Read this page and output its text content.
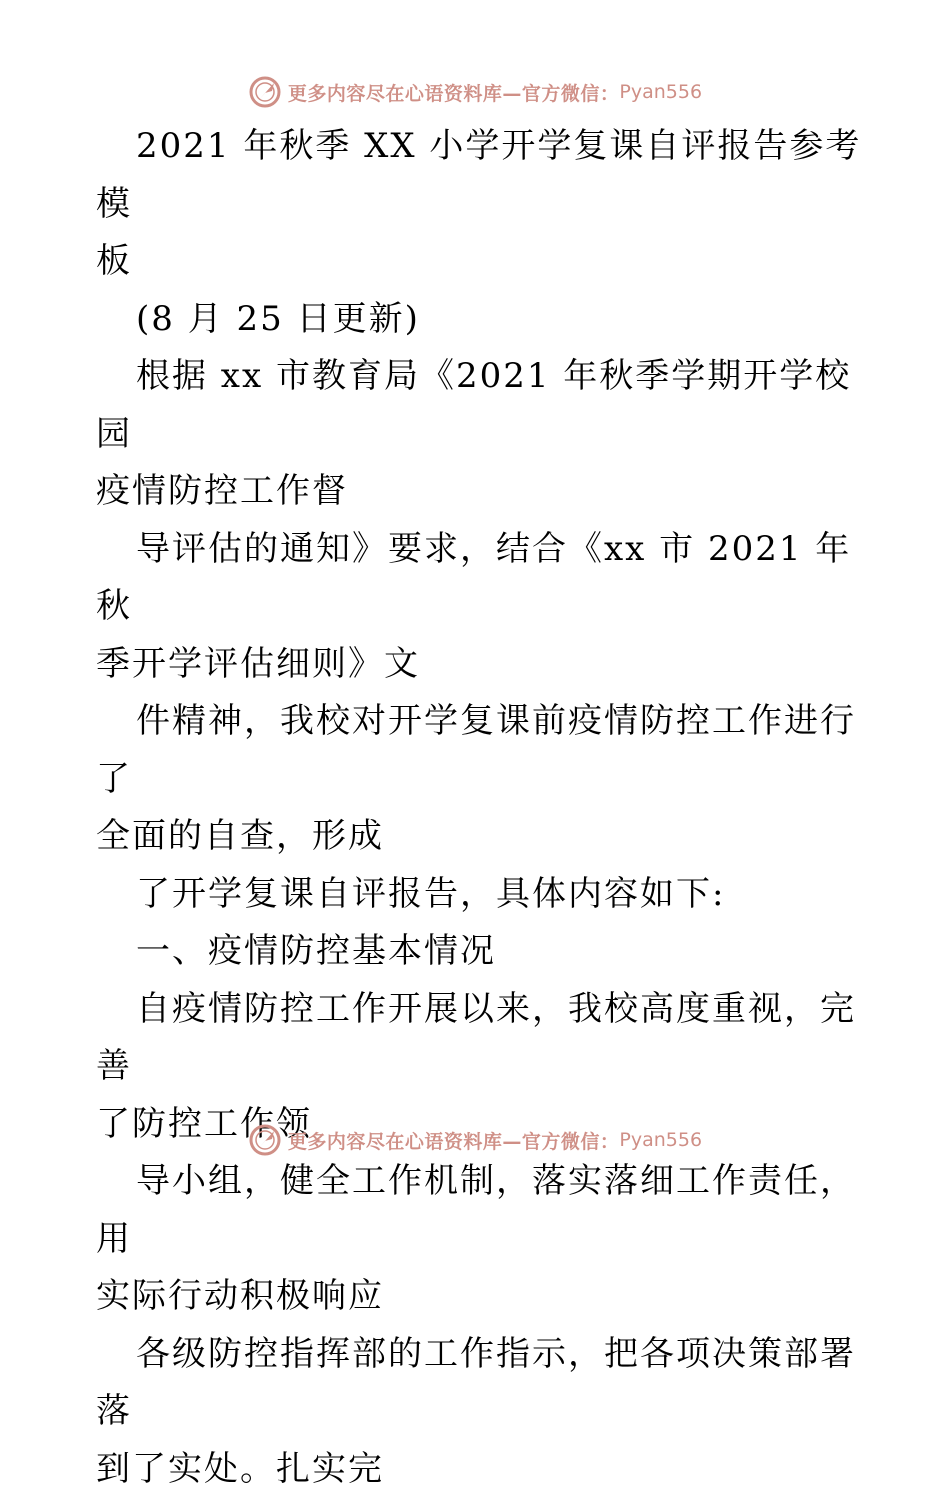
更多内容尽在心语资料库—官方微信： Pyan556
2021 年秋季 XX 小学开学复课自评报告参考模
板
(8 月 25 日更新)
根据 xx 市教育局《2021 年秋季学期开学校园
疫情防控工作督
导评估的通知》要求，结合《xx 市 2021 年秋
季开学评估细则》文
件精神，我校对开学复课前疫情防控工作进行了
全面的自查，形成
了开学复课自评报告，具体内容如下:
一、疫情防控基本情况
自疫情防控工作开展以来，我校高度重视，完善
了防控工作领
导小组，健全工作机制，落实落细工作责任，用
实际行动积极响应
各级防控指挥部的工作指示，把各项决策部署落
到了实处。扎实完
更多内容尽在心语资料库—官方微信： Pyan556
